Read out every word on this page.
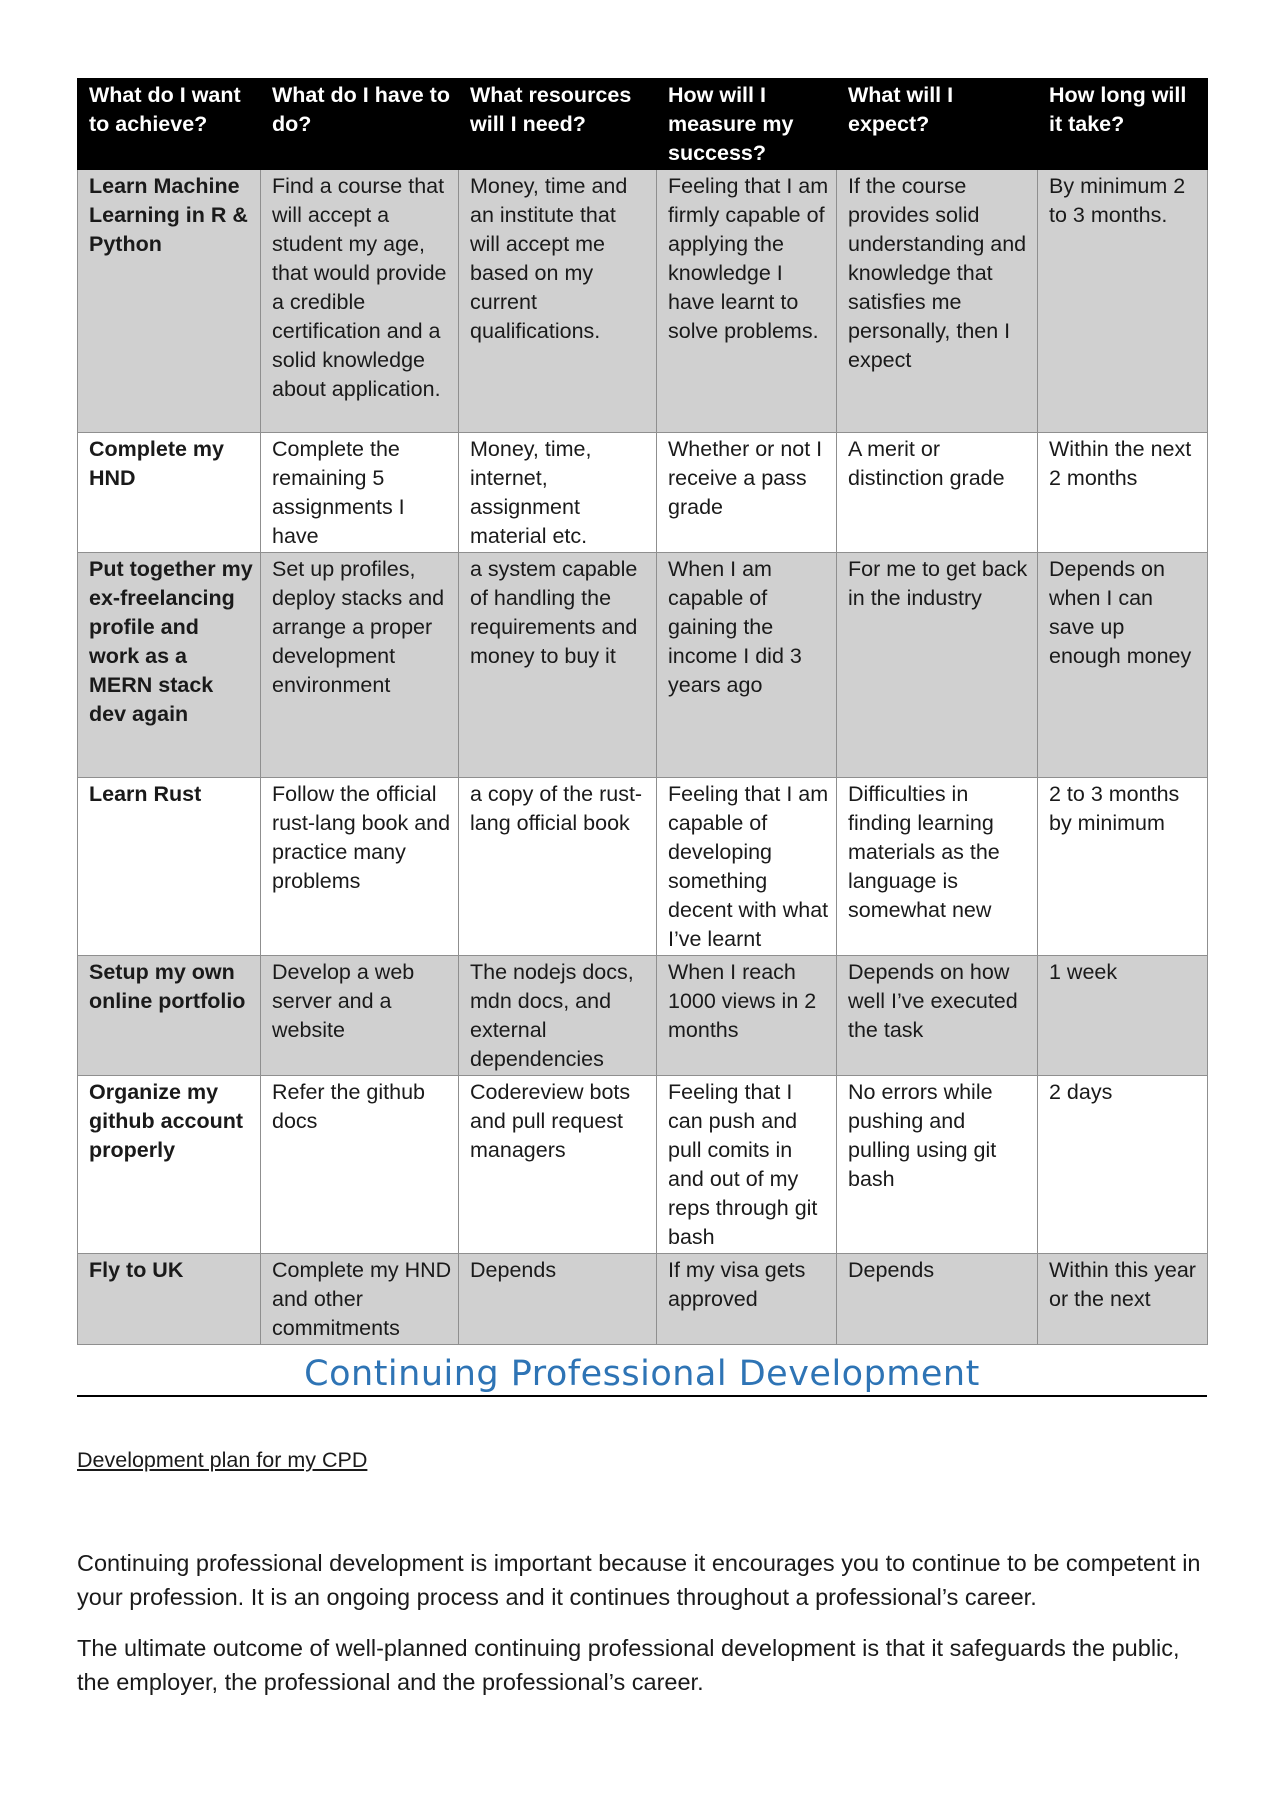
What do I want to achieve?	What do I have to do?	What resources will I need?	How will I measure my success?	What will I expect?	How long will it take?
Learn Machine Learning in R & Python	Find a course that will accept a student my age, that would provide a credible certification and a solid knowledge about application.	Money, time and an institute that will accept me based on my current qualifications.	Feeling that I am firmly capable of applying the knowledge I have learnt to solve problems.	If the course provides solid understanding and knowledge that satisfies me personally, then I expect	By minimum 2 to 3 months.
Complete my HND	Complete the remaining 5 assignments I have	Money, time, internet, assignment material etc.	Whether or not I receive a pass grade	A merit or distinction grade	Within the next 2 months
Put together my ex-freelancing profile and work as a MERN stack dev again	Set up profiles, deploy stacks and arrange a proper development environment	a system capable of handling the requirements and money to buy it	When I am capable of gaining the income I did 3 years ago	For me to get back in the industry	Depends on when I can save up enough money
Learn Rust	Follow the official rust-lang book and practice many problems	a copy of the rust-lang official book	Feeling that I am capable of developing something decent with what I’ve learnt	Difficulties in finding learning materials as the language is somewhat new	2 to 3 months by minimum
Setup my own online portfolio	Develop a web server and a website	The nodejs docs, mdn docs, and external dependencies	When I reach 1000 views in 2 months	Depends on how well I’ve executed the task	1 week
Organize my github account properly	Refer the github docs	Codereview bots and pull request managers	Feeling that I can push and pull comits in and out of my reps through git bash	No errors while pushing and pulling using git bash	2 days
Fly to UK	Complete my HND and other commitments	Depends	If my visa gets approved	Depends	Within this year or the next
Continuing Professional Development
Development plan for my CPD

Continuing professional development is important because it encourages you to continue to be competent in your profession. It is an ongoing process and it continues throughout a professional’s career.

The ultimate outcome of well-planned continuing professional development is that it safeguards the public, the employer, the professional and the professional’s career.
